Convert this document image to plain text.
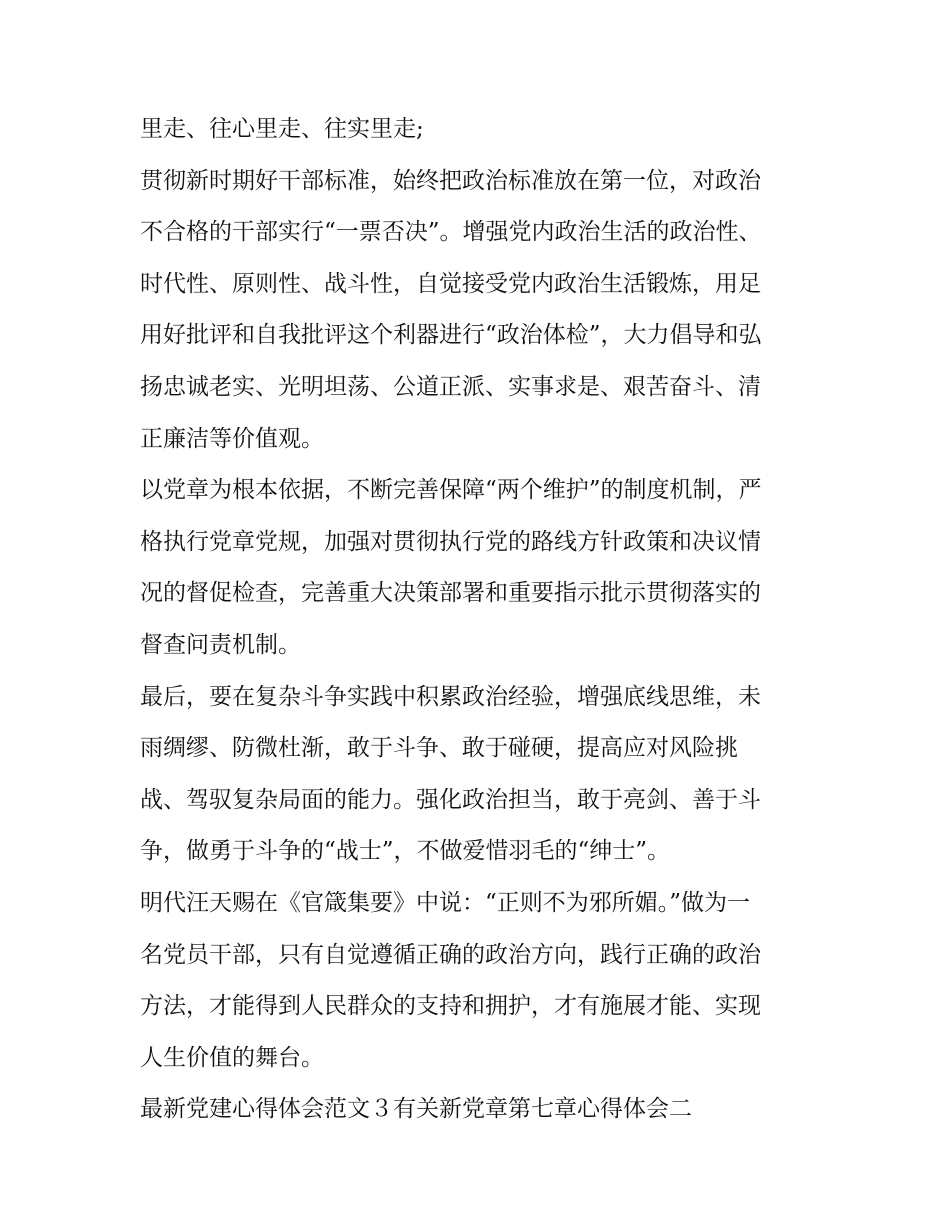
里走、往心里走、往实里走;
贯彻新时期好干部标准，始终把政治标准放在第一位，对政治
不合格的干部实行“一票否决”。增强党内政治生活的政治性、
时代性、原则性、战斗性，自觉接受党内政治生活锻炼，用足
用好批评和自我批评这个利器进行“政治体检”，大力倡导和弘
扬忠诚老实、光明坦荡、公道正派、实事求是、艰苦奋斗、清
正廉洁等价值观。
以党章为根本依据，不断完善保障“两个维护”的制度机制，严
格执行党章党规，加强对贯彻执行党的路线方针政策和决议情
况的督促检查，完善重大决策部署和重要指示批示贯彻落实的
督查问责机制。
最后，要在复杂斗争实践中积累政治经验，增强底线思维，未
雨绸缪、防微杜渐，敢于斗争、敢于碰硬，提高应对风险挑
战、驾驭复杂局面的能力。强化政治担当，敢于亮剑、善于斗
争，做勇于斗争的“战士”，不做爱惜羽毛的“绅士”。
明代汪天赐在《官箴集要》中说：“正则不为邪所媚。”做为一
名党员干部，只有自觉遵循正确的政治方向，践行正确的政治
方法，才能得到人民群众的支持和拥护，才有施展才能、实现
人生价值的舞台。
最新党建心得体会范文３有关新党章第七章心得体会二
